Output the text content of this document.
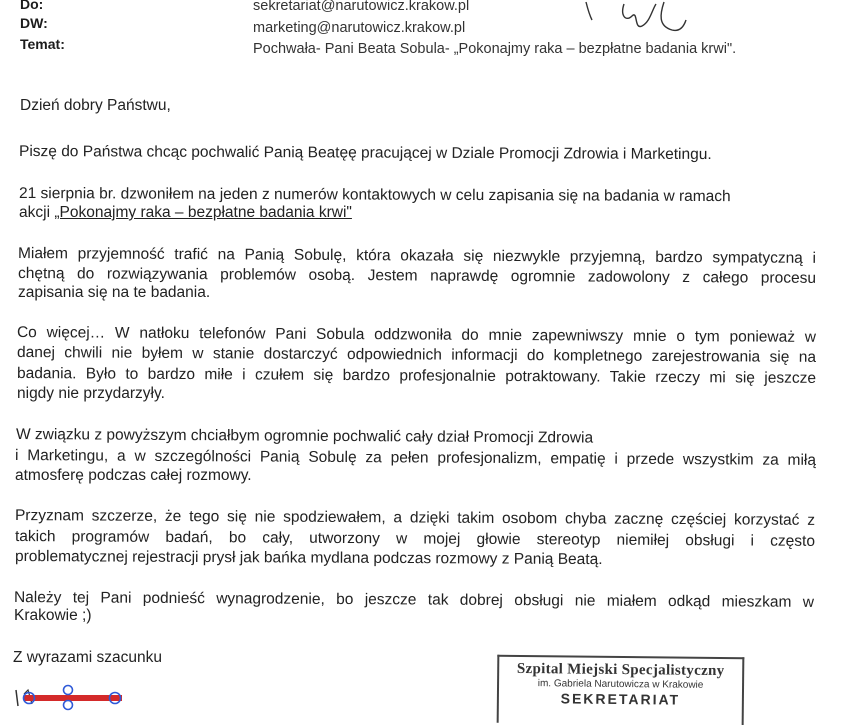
Do:	sekretariat@narutowicz.krakow.pl
DW:	marketing@narutowicz.krakow.pl
Temat:	Pochwała- Pani Beata Sobula- „Pokonajmy raka – bezpłatne badania krwi".
Dzień dobry Państwu,
Piszę do Państwa chcąc pochwalić Panią Beatęę pracującej w Dziale Promocji Zdrowia i Marketingu.
21 sierpnia br. dzwoniłem na jeden z numerów kontaktowych w celu zapisania się na badania w ramach
akcji „Pokonajmy raka – bezpłatne badania krwi"
Miałem przyjemność trafić na Panią Sobulę, która okazała się niezwykle przyjemną, bardzo sympatyczną i
chętną do rozwiązywania problemów osobą. Jestem naprawdę ogromnie zadowolony z całego procesu
zapisania się na te badania.
Co więcej… W natłoku telefonów Pani Sobula oddzwoniła do mnie zapewniwszy mnie o tym ponieważ w
danej chwili nie byłem w stanie dostarczyć odpowiednich informacji do kompletnego zarejestrowania się na
badania. Było to bardzo miłe i czułem się bardzo profesjonalnie potraktowany. Takie rzeczy mi się jeszcze
nigdy nie przydarzyły.
W związku z powyższym chciałbym ogromnie pochwalić cały dział Promocji Zdrowia
i Marketingu, a w szczególności Panią Sobulę za pełen profesjonalizm, empatię i przede wszystkim za miłą
atmosferę podczas całej rozmowy.
Przyznam szczerze, że tego się nie spodziewałem, a dzięki takim osobom chyba zacznę częściej korzystać z
takich programów badań, bo cały, utworzony w mojej głowie stereotyp niemiłej obsługi i często
problematycznej rejestracji prysł jak bańka mydlana podczas rozmowy z Panią Beatą.
Należy tej Pani podnieść wynagrodzenie, bo jeszcze tak dobrej obsługi nie miałem odkąd mieszkam w
Krakowie ;)
Z wyrazami szacunku
Szpital Miejski Specjalistyczny
im. Gabriela Narutowicza w Krakowie
SEKRETARIAT
